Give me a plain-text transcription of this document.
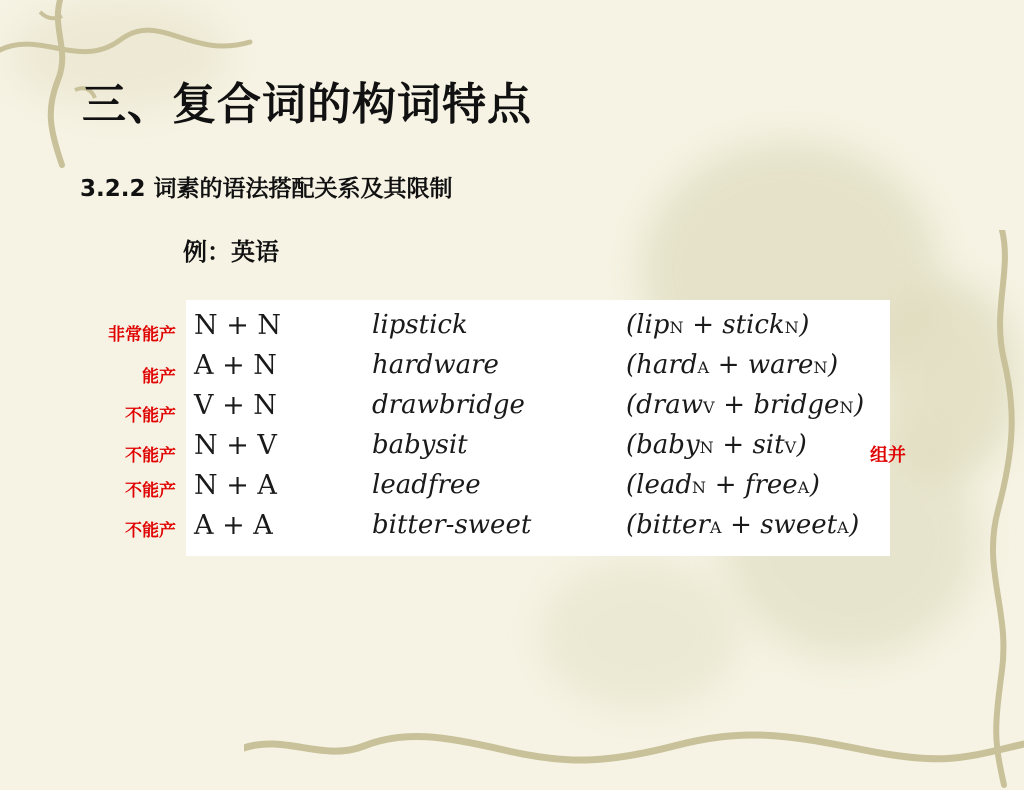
三、复合词的构词特点
3.2.2 词素的语法搭配关系及其限制
例：英语
非常能产
能产
不能产
不能产
不能产
不能产
N + N	lipstick	(lipN + stickN)
A + N	hardware	(hardA + wareN)
V + N	drawbridge	(drawV + bridgeN)
N + V	babysit	(babyN + sitV)
N + A	leadfree	(leadN + freeA)
A + A	bitter-sweet	(bitterA + sweetA)
组并
